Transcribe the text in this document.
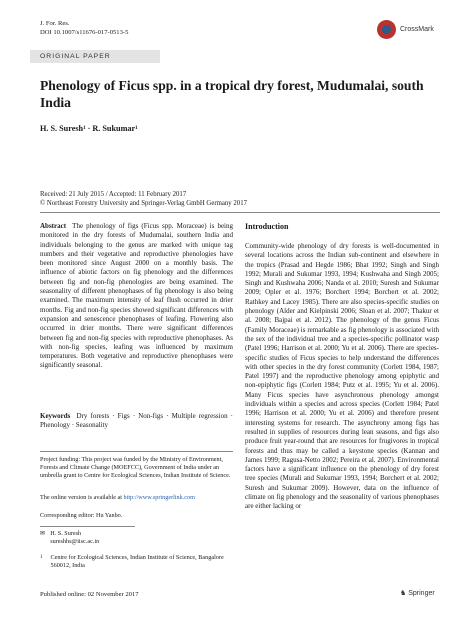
J. For. Res.
DOI 10.1007/s11676-017-0513-5	CrossMark
ORIGINAL PAPER
Phenology of Ficus spp. in a tropical dry forest, Mudumalai, south India
H. S. Suresh¹ · R. Sukumar¹
Received: 21 July 2015 / Accepted: 11 February 2017
© Northeast Forestry University and Springer-Verlag GmbH Germany 2017
Abstract The phenology of figs (Ficus spp. Moraceae) is being monitored in the dry forests of Mudumalai, southern India and individuals belonging to the genus are marked with unique tag numbers and their vegetative and reproductive phenologies have been monitored since August 2000 on a monthly basis. The influence of abiotic factors on fig phenology and the differences between fig and non-fig phenologies are being examined. The seasonality of different phenophases of fig phenology is also being examined. The maximum intensity of leaf flush occurred in drier months. Fig and non-fig species showed significant differences with expansion and senescence phenophases of leafing. Flowering also occurred in drier months. There were significant differences between fig and non-fig species with reproductive phenophases. As with non-fig species, leafing was influenced by maximum temperatures. Both vegetative and reproductive phenophases were significantly seasonal.
Keywords Dry forests · Figs · Non-figs · Multiple regression · Phenology · Seasonality
Project funding: This project was funded by the Ministry of Environment, Forests and Climate Change (MOEFCC), Government of India under an umbrella grant to Centre for Ecological Sciences, Indian Institute of Science.
The online version is available at http://www.springerlink.com
Corresponding editor: Hu Yanbo.
✉ H. S. Suresh
sureshhs@iisc.ac.in
1 Centre for Ecological Sciences, Indian Institute of Science, Bangalore 560012, India
Introduction
Community-wide phenology of dry forests is well-documented in several locations across the Indian sub-continent and elsewhere in the tropics (Prasad and Hegde 1986; Bhat 1992; Singh and Singh 1992; Murali and Sukumar 1993, 1994; Kushwaha and Singh 2005; Singh and Kushwaha 2006; Nanda et al. 2010; Suresh and Sukumar 2009; Opler et al. 1976; Borchert 1994; Borchert et al. 2002; Rathkey and Lacey 1985). There are also species-specific studies on phenology (Alder and Kielpinski 2006; Sloan et al. 2007; Thakur et al. 2008; Bajpai et al. 2012). The phenology of the genus Ficus (Family Moraceae) is remarkable as fig phenology is associated with the sex of the individual tree and a species-specific pollinator wasp (Patel 1996; Harrison et al. 2000; Yu et al. 2006). There are species-specific studies of Ficus species to help understand the differences with other species in the dry forest community (Corlett 1984, 1987; Patel 1997) and the reproductive phenology among epiphytic and non-epiphytic figs (Corlett 1984; Putz et al. 1995; Yu et al. 2006). Many Ficus species have asynchronous phenology amongst individuals within a species and across species (Corlett 1984; Patel 1996; Harrison et al. 2000; Yu et al. 2006) and therefore present interesting systems for research. The asynchrony among figs has resulted in supplies of resources during lean seasons, and figs also produce fruit year-round that are resources for frugivores in tropical forests and thus may be called a keystone species (Kannan and James 1999; Ragusa-Netto 2002; Pereira et al. 2007). Environmental factors have a significant influence on the phenology of dry forest tree species (Murali and Sukumar 1993, 1994; Borchert et al. 2002; Suresh and Sukumar 2009). However, data on the influence of climate on fig phenology and the seasonality of various phenophases are either lacking or
Published online: 02 November 2017	♞ Springer
